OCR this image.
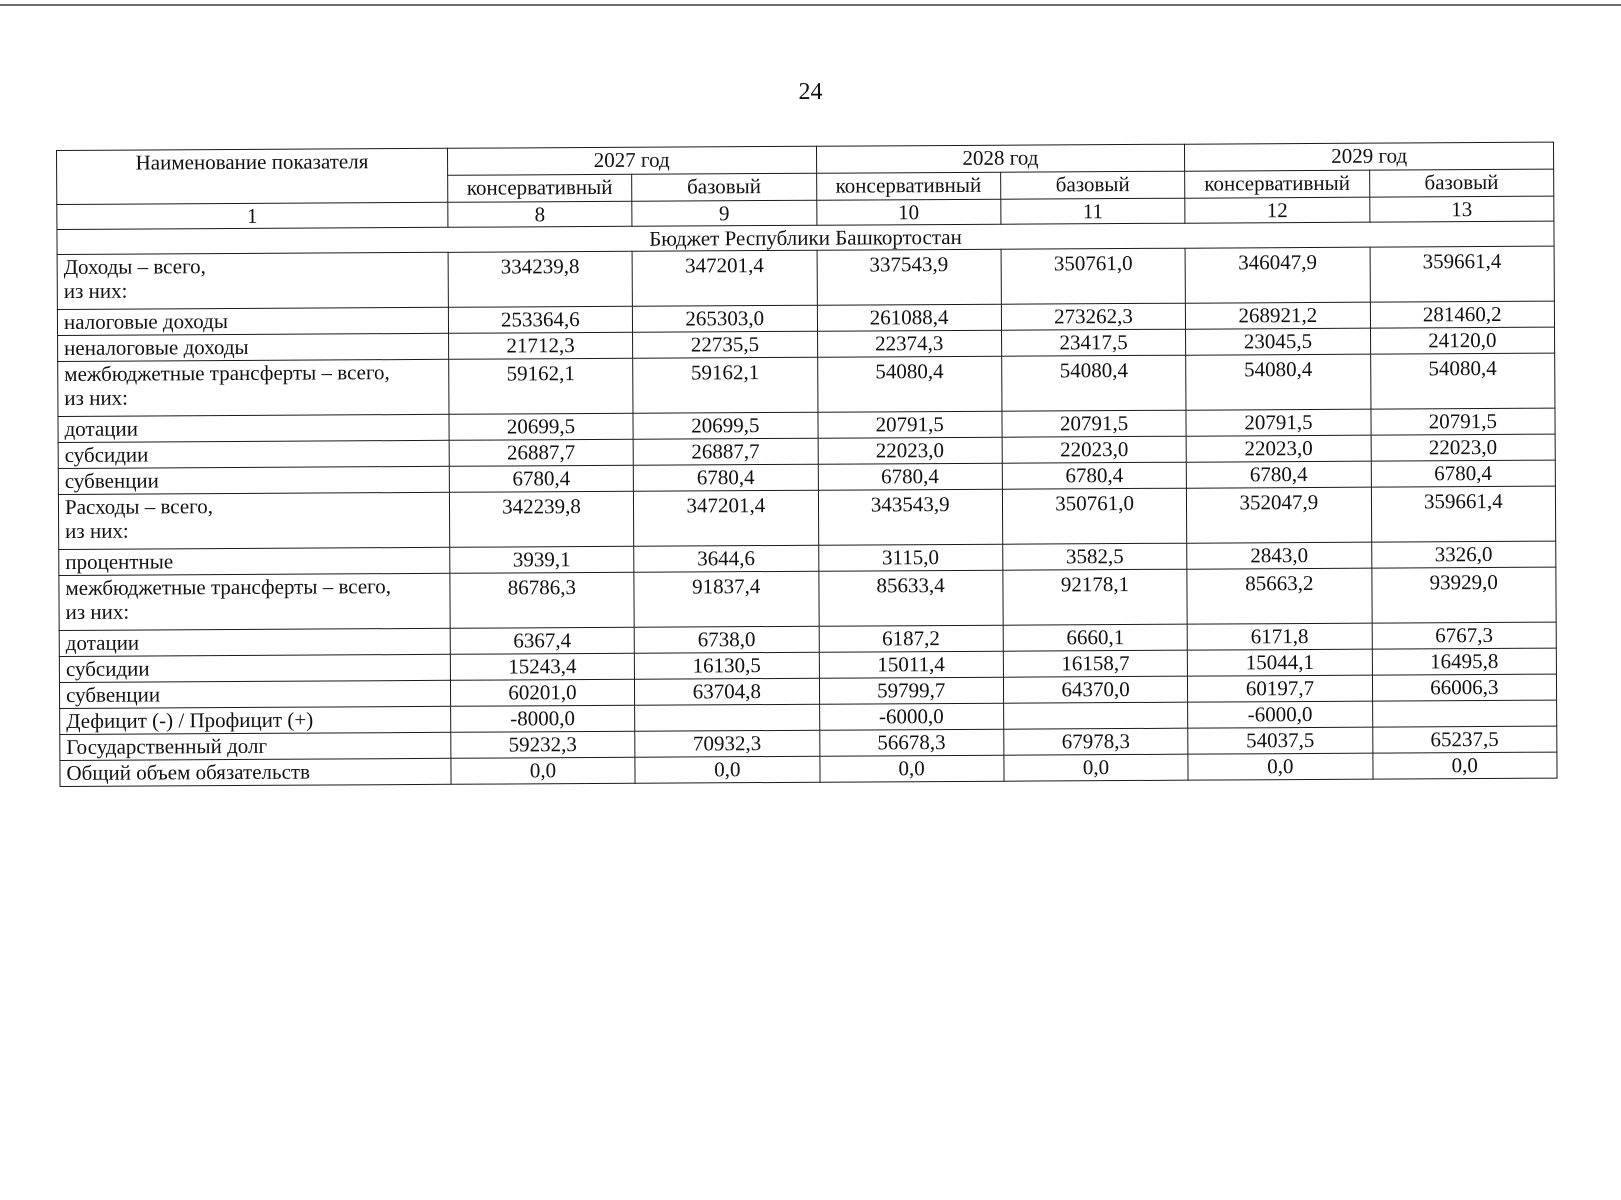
24
Наименование показателя	2027 год		2028 год		2029 год	
	консервативный	базовый	консервативный	базовый	консервативный	базовый
1	8	9	10	11	12	13
Бюджет Республики Башкортостан						
Доходы – всего,
из них:	334239,8	347201,4	337543,9	350761,0	346047,9	359661,4
налоговые доходы	253364,6	265303,0	261088,4	273262,3	268921,2	281460,2
неналоговые доходы	21712,3	22735,5	22374,3	23417,5	23045,5	24120,0
межбюджетные трансферты – всего,
из них:	59162,1	59162,1	54080,4	54080,4	54080,4	54080,4
дотации	20699,5	20699,5	20791,5	20791,5	20791,5	20791,5
субсидии	26887,7	26887,7	22023,0	22023,0	22023,0	22023,0
субвенции	6780,4	6780,4	6780,4	6780,4	6780,4	6780,4
Расходы – всего,
из них:	342239,8	347201,4	343543,9	350761,0	352047,9	359661,4
процентные	3939,1	3644,6	3115,0	3582,5	2843,0	3326,0
межбюджетные трансферты – всего,
из них:	86786,3	91837,4	85633,4	92178,1	85663,2	93929,0
дотации	6367,4	6738,0	6187,2	6660,1	6171,8	6767,3
субсидии	15243,4	16130,5	15011,4	16158,7	15044,1	16495,8
субвенции	60201,0	63704,8	59799,7	64370,0	60197,7	66006,3
Дефицит (-) / Профицит (+)	-8000,0		-6000,0		-6000,0	
Государственный долг	59232,3	70932,3	56678,3	67978,3	54037,5	65237,5
Общий объем обязательств	0,0	0,0	0,0	0,0	0,0	0,0
